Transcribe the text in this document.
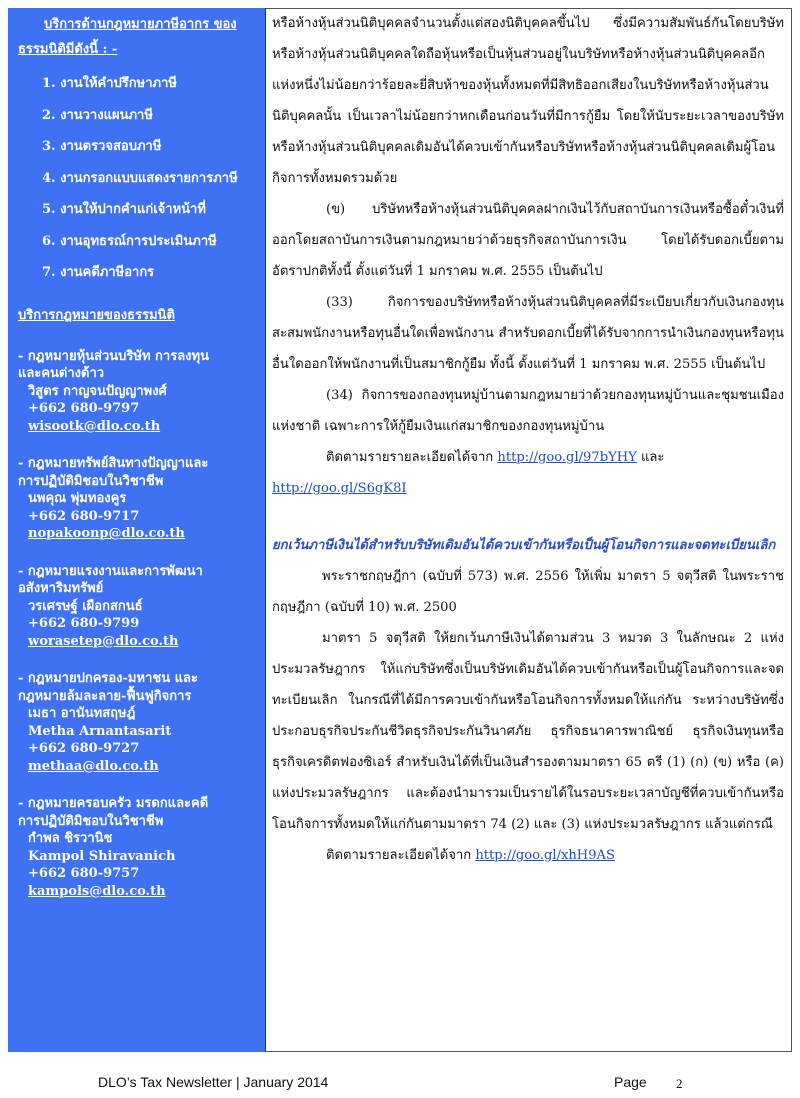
บริการด้านกฎหมายภาษีอากร ของ
ธรรมนิติมีดังนี้ : -
1. งานให้คำปรึกษาภาษี
2. งานวางแผนภาษี
3. งานตรวจสอบภาษี
4. งานกรอกแบบแสดงรายการภาษี
5. งานให้ปากคำแก่เจ้าหน้าที่
6. งานอุทธรณ์การประเมินภาษี
7. งานคดีภาษีอากร
บริการกฎหมายของธรรมนิติ
- กฎหมายหุ้นส่วนบริษัท การลงทุน
และคนต่างด้าว
วิสูตร กาญจนปัญญาพงศ์
+662 680-9797
wisootk@dlo.co.th
- กฎหมายทรัพย์สินทางปัญญาและ
การปฏิบัติมิชอบในวิชาชีพ
นพคุณ พุ่มทองคูร
+662 680-9717
nopakoonp@dlo.co.th
- กฎหมายแรงงานและการพัฒนา
อสังหาริมทรัพย์
วรเศรษฐ์ เผือกสกนธ์
+662 680-9799
worasetep@dlo.co.th
- กฎหมายปกครอง-มหาชน และ
กฎหมายล้มละลาย-ฟื้นฟูกิจการ
เมธา อานันทสฤษฎ์
Metha Arnantasarit
+662 680-9727
methaa@dlo.co.th
- กฎหมายครอบครัว มรดกและคดี
การปฏิบัติมิชอบในวิชาชีพ
กำพล ชิรวานิช
Kampol Shiravanich
+662 680-9757
kampols@dlo.co.th

หรือห้างหุ้นส่วนนิติบุคคลจำนวนตั้งแต่สองนิติบุคคลขึ้นไป ซึ่งมีความสัมพันธ์กันโดยบริษัทหรือห้างหุ้นส่วนนิติบุคคลใดถือหุ้นหรือเป็นหุ้นส่วนอยู่ในบริษัทหรือห้างหุ้นส่วนนิติบุคคลอีกแห่งหนึ่งไม่น้อยกว่าร้อยละยี่สิบห้าของหุ้นทั้งหมดที่มีสิทธิออกเสียงในบริษัทหรือห้างหุ้นส่วนนิติบุคคลนั้น เป็นเวลาไม่น้อยกว่าหกเดือนก่อนวันที่มีการกู้ยืม โดยให้นับระยะเวลาของบริษัทหรือห้างหุ้นส่วนนิติบุคคลเดิมอันได้ควบเข้ากันหรือบริษัทหรือห้างหุ้นส่วนนิติบุคคลเดิมผู้โอนกิจการทั้งหมดรวมด้วย

(ข) บริษัทหรือห้างหุ้นส่วนนิติบุคคลฝากเงินไว้กับสถาบันการเงินหรือซื้อตั๋วเงินที่ออกโดยสถาบันการเงินตามกฎหมายว่าด้วยธุรกิจสถาบันการเงิน โดยได้รับดอกเบี้ยตามอัตราปกติทั้งนี้ ตั้งแต่วันที่ 1 มกราคม พ.ศ. 2555 เป็นต้นไป

(33) กิจการของบริษัทหรือห้างหุ้นส่วนนิติบุคคลที่มีระเบียบเกี่ยวกับเงินกองทุนสะสมพนักงานหรือทุนอื่นใดเพื่อพนักงาน สำหรับดอกเบี้ยที่ได้รับจากการนำเงินกองทุนหรือทุนอื่นใดออกให้พนักงานที่เป็นสมาชิกกู้ยืม ทั้งนี้ ตั้งแต่วันที่ 1 มกราคม พ.ศ. 2555 เป็นต้นไป

(34) กิจการของกองทุนหมู่บ้านตามกฎหมายว่าด้วยกองทุนหมู่บ้านและชุมชนเมืองแห่งชาติ เฉพาะการให้กู้ยืมเงินแก่สมาชิกของกองทุนหมู่บ้าน

ติดตามรายรายละเอียดได้จาก http://goo.gl/97bYHY และ

http://goo.gl/S6gK8I

ยกเว้นภาษีเงินได้สำหรับบริษัทเดิมอันได้ควบเข้ากันหรือเป็นผู้โอนกิจการและจดทะเบียนเลิก

พระราชกฤษฎีกา (ฉบับที่ 573) พ.ศ. 2556 ให้เพิ่ม มาตรา 5 จตุวีสติ ในพระราชกฤษฎีกา (ฉบับที่ 10) พ.ศ. 2500

มาตรา 5 จตุวีสติ ให้ยกเว้นภาษีเงินได้ตามส่วน 3 หมวด 3 ในลักษณะ 2 แห่งประมวลรัษฎากร ให้แก่บริษัทซึ่งเป็นบริษัทเดิมอันได้ควบเข้ากันหรือเป็นผู้โอนกิจการและจดทะเบียนเลิก ในกรณีที่ได้มีการควบเข้ากันหรือโอนกิจการทั้งหมดให้แก่กัน ระหว่างบริษัทซึ่งประกอบธุรกิจประกันชีวิตธุรกิจประกันวินาศภัย ธุรกิจธนาคารพาณิชย์ ธุรกิจเงินทุนหรือธุรกิจเครดิตฟองซิเอร์ สำหรับเงินได้ที่เป็นเงินสำรองตามมาตรา 65 ตรี (1) (ก) (ข) หรือ (ค) แห่งประมวลรัษฎากร และต้องนำมารวมเป็นรายได้ในรอบระยะเวลาบัญชีที่ควบเข้ากันหรือโอนกิจการทั้งหมดให้แก่กันตามมาตรา 74 (2) และ (3) แห่งประมวลรัษฎากร แล้วแต่กรณี

ติดตามรายละเอียดได้จาก http://goo.gl/xhH9AS

DLO’s Tax Newsletter | January 2014	Page 2
